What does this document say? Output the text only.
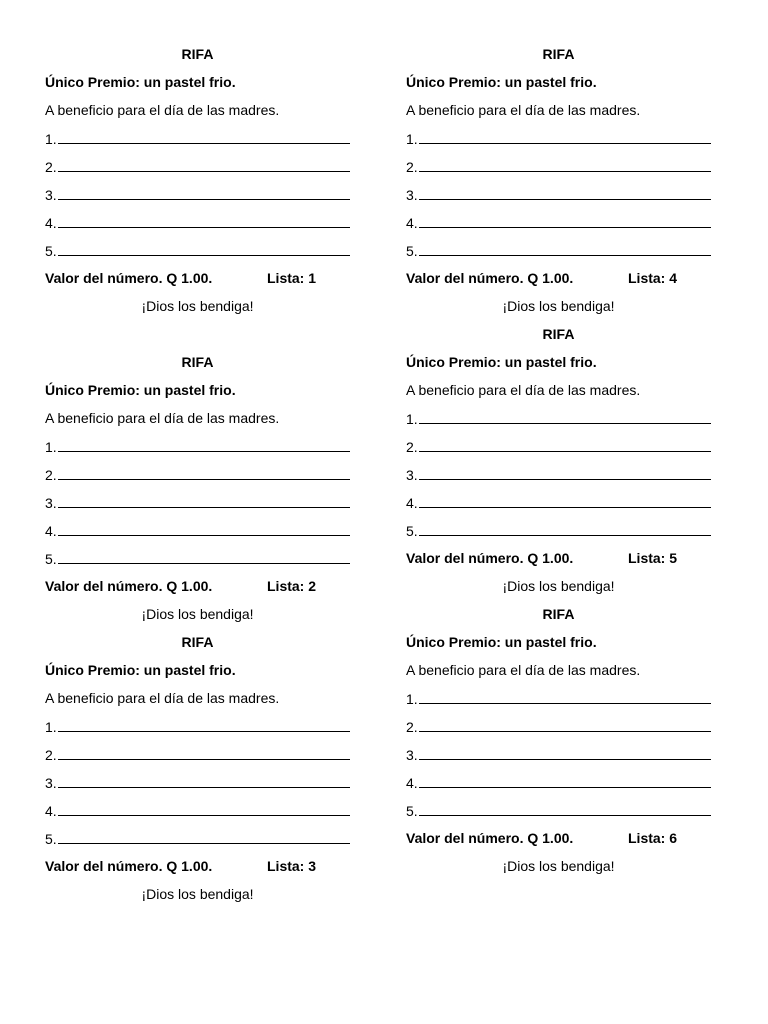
RIFA
Único Premio: un pastel frio.
A beneficio para el día de las madres.
1.
2.
3.
4.
5.
Valor del número. Q 1.00.	Lista: 1
¡Dios los bendiga!
RIFA
Único Premio: un pastel frio.
A beneficio para el día de las madres.
1.
2.
3.
4.
5.
Valor del número. Q 1.00.	Lista: 2
¡Dios los bendiga!
RIFA
Único Premio: un pastel frio.
A beneficio para el día de las madres.
1.
2.
3.
4.
5.
Valor del número. Q 1.00.	Lista: 3
¡Dios los bendiga!
RIFA
Único Premio: un pastel frio.
A beneficio para el día de las madres.
1.
2.
3.
4.
5.
Valor del número. Q 1.00.	Lista: 4
¡Dios los bendiga!
RIFA
Único Premio: un pastel frio.
A beneficio para el día de las madres.
1.
2.
3.
4.
5.
Valor del número. Q 1.00.	Lista: 5
¡Dios los bendiga!
RIFA
Único Premio: un pastel frio.
A beneficio para el día de las madres.
1.
2.
3.
4.
5.
Valor del número. Q 1.00.	Lista: 6
¡Dios los bendiga!
